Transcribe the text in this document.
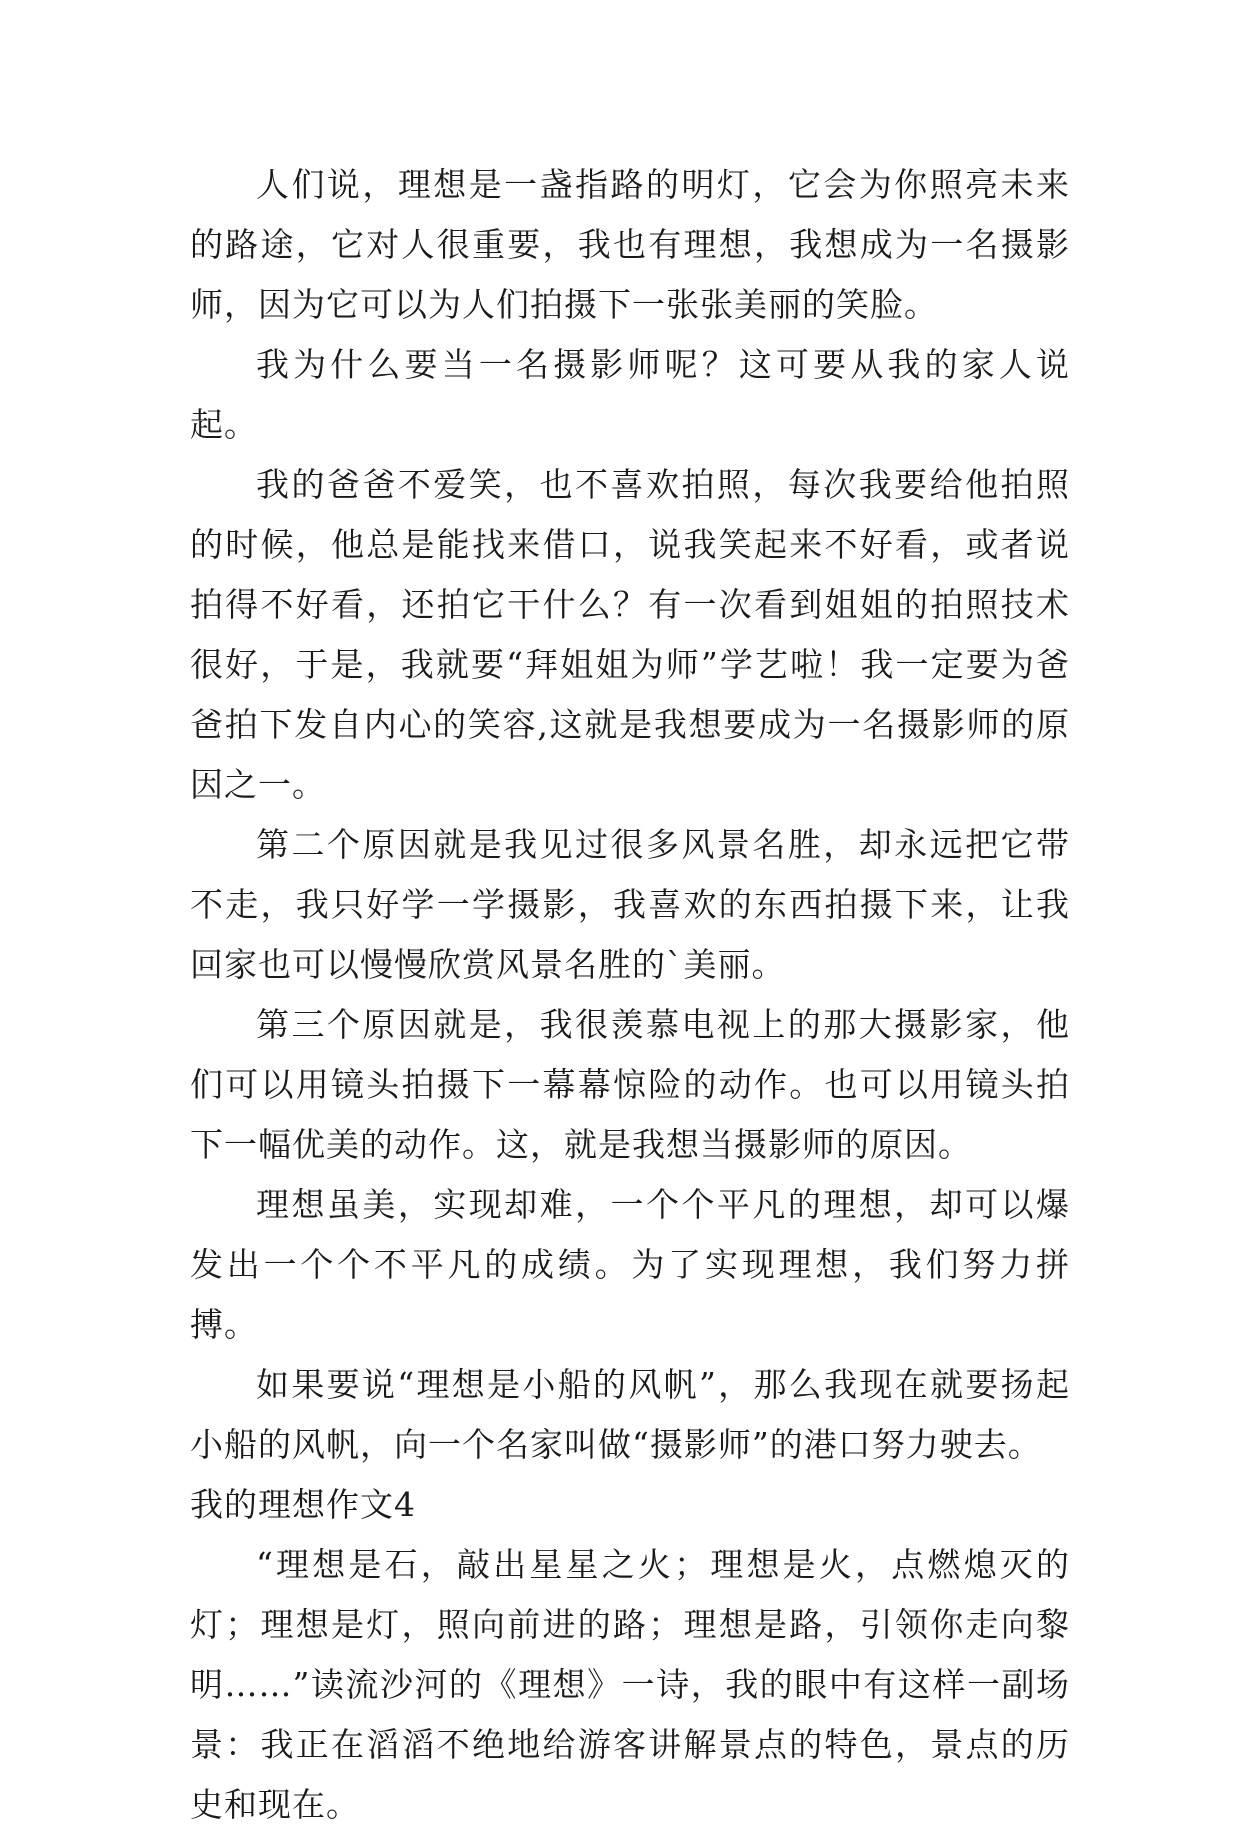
人们说，理想是一盏指路的明灯，它会为你照亮未来的路途，它对人很重要，我也有理想，我想成为一名摄影师，因为它可以为人们拍摄下一张张美丽的笑脸。

我为什么要当一名摄影师呢？这可要从我的家人说起。

我的爸爸不爱笑，也不喜欢拍照，每次我要给他拍照的时候，他总是能找来借口，说我笑起来不好看，或者说拍得不好看，还拍它干什么？有一次看到姐姐的拍照技术很好，于是，我就要“拜姐姐为师”学艺啦！我一定要为爸爸拍下发自内心的笑容,这就是我想要成为一名摄影师的原因之一。

第二个原因就是我见过很多风景名胜，却永远把它带不走，我只好学一学摄影，我喜欢的东西拍摄下来，让我回家也可以慢慢欣赏风景名胜的`美丽。

第三个原因就是，我很羡慕电视上的那大摄影家，他们可以用镜头拍摄下一幕幕惊险的动作。也可以用镜头拍下一幅优美的动作。这，就是我想当摄影师的原因。

理想虽美，实现却难，一个个平凡的理想，却可以爆发出一个个不平凡的成绩。为了实现理想，我们努力拼搏。

如果要说“理想是小船的风帆”，那么我现在就要扬起小船的风帆，向一个名家叫做“摄影师”的港口努力驶去。

我的理想作文4

“理想是石，敲出星星之火；理想是火，点燃熄灭的灯；理想是灯，照向前进的路；理想是路，引领你走向黎明……”读流沙河的《理想》一诗，我的眼中有这样一副场景：我正在滔滔不绝地给游客讲解景点的特色，景点的历史和现在。
